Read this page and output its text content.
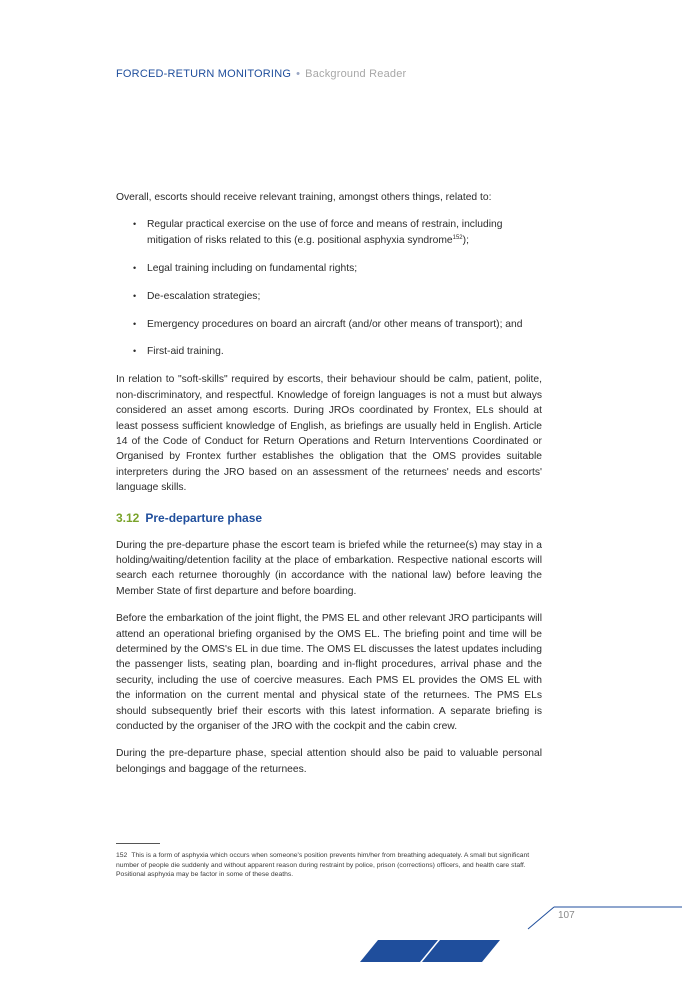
FORCED-RETURN MONITORING • Background Reader

Overall, escorts should receive relevant training, amongst others things, related to:

• Regular practical exercise on the use of force and means of restrain, including mitigation of risks related to this (e.g. positional asphyxia syndrome$^{152}$);
• Legal training including on fundamental rights;
• De-escalation strategies;
• Emergency procedures on board an aircraft (and/or other means of transport); and
• First-aid training.

In relation to "soft-skills" required by escorts, their behaviour should be calm, patient, polite, non-discriminatory, and respectful. Knowledge of foreign languages is not a must but always considered an asset among escorts. During JROs coordinated by Frontex, ELs should at least possess sufficient knowledge of English, as briefings are usually held in English. Article 14 of the Code of Conduct for Return Operations and Return Interventions Coordinated or Organised by Frontex further establishes the obligation that the OMS provides suitable interpreters during the JRO based on an assessment of the returnees' needs and escorts' language skills.

3.12 Pre-departure phase

During the pre-departure phase the escort team is briefed while the returnee(s) may stay in a holding/waiting/detention facility at the place of embarkation. Respective national escorts will search each returnee thoroughly (in accordance with the national law) before leaving the Member State of first departure and before boarding.

Before the embarkation of the joint flight, the PMS EL and other relevant JRO participants will attend an operational briefing organised by the OMS EL. The briefing point and time will be determined by the OMS's EL in due time. The OMS EL discusses the latest updates including the passenger lists, seating plan, boarding and in-flight procedures, arrival phase and the security, including the use of coercive measures. Each PMS EL provides the OMS EL with the information on the current mental and physical state of the returnees. The PMS ELs should subsequently brief their escorts with this latest information. A separate briefing is conducted by the organiser of the JRO with the cockpit and the cabin crew.

During the pre-departure phase, special attention should also be paid to valuable personal belongings and baggage of the returnees.

152 This is a form of asphyxia which occurs when someone's position prevents him/her from breathing adequately. A small but significant number of people die suddenly and without apparent reason during restraint by police, prison (corrections) officers, and health care staff. Positional asphyxia may be factor in some of these deaths.
107
